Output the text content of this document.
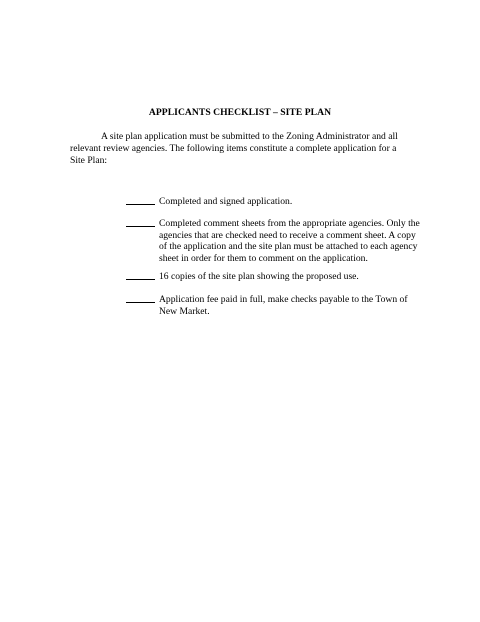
APPLICANTS CHECKLIST – SITE PLAN

A site plan application must be submitted to the Zoning Administrator and all relevant review agencies. The following items constitute a complete application for a Site Plan:

Completed and signed application.
Completed comment sheets from the appropriate agencies. Only the agencies that are checked need to receive a comment sheet. A copy of the application and the site plan must be attached to each agency sheet in order for them to comment on the application.
16 copies of the site plan showing the proposed use.
Application fee paid in full, make checks payable to the Town of New Market.
